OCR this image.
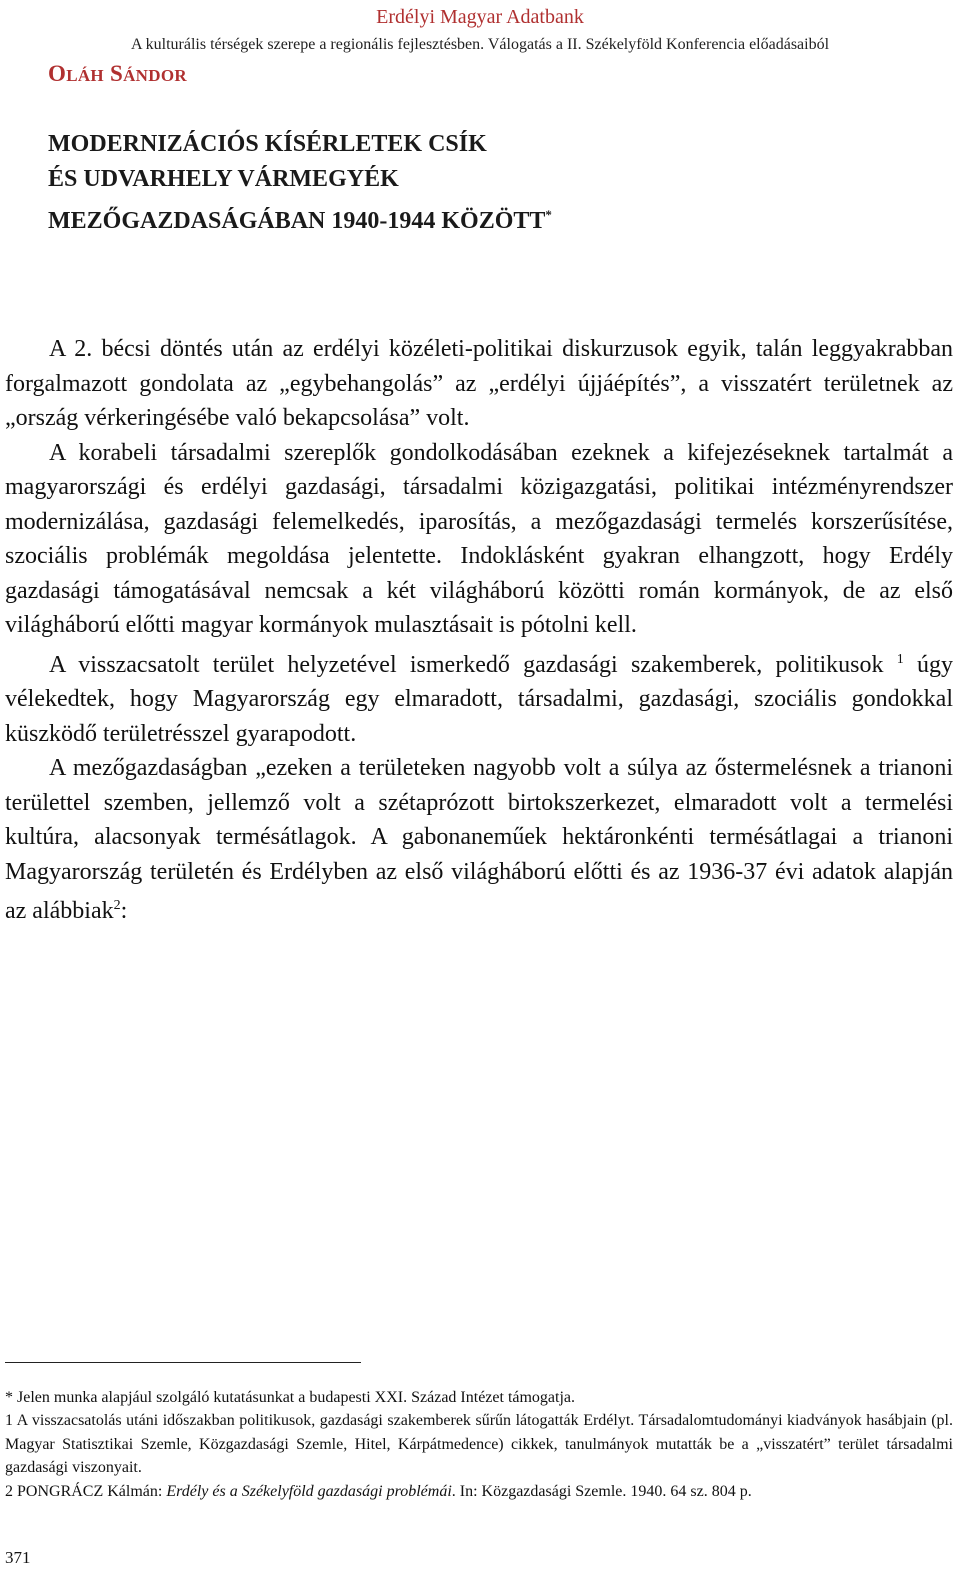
Erdélyi Magyar Adatbank
A kulturális térségek szerepe a regionális fejlesztésben. Válogatás a II. Székelyföld Konferencia előadásaiból
OLÁH SÁNDOR
MODERNIZÁCIÓS KÍSÉRLETEK CSÍK
ÉS UDVARHELY VÁRMEGYÉK
MEZŐGAZDASÁGÁBAN 1940-1944 KÖZÖTT*

A 2. bécsi döntés után az erdélyi közéleti-politikai diskurzusok egyik, talán leggyakrabban forgalmazott gondolata az „egybehangolás” az „erdélyi újjáépítés”, a visszatért területnek az „ország vérkeringésébe való bekapcsolása” volt.

A korabeli társadalmi szereplők gondolkodásában ezeknek a kifejezéseknek tartalmát a magyarországi és erdélyi gazdasági, társadalmi közigazgatási, politikai intézményrendszer modernizálása, gazdasági felemelkedés, iparosítás, a mezőgazdasági termelés korszerűsítése, szociális problémák megoldása jelentette. Indoklásként gyakran elhangzott, hogy Erdély gazdasági támogatásával nemcsak a két világháború közötti román kormányok, de az első világháború előtti magyar kormányok mulasztásait is pótolni kell.

A visszacsatolt terület helyzetével ismerkedő gazdasági szakemberek, politikusok $^1$ úgy vélekedtek, hogy Magyarország egy elmaradott, társadalmi, gazdasági, szociális gondokkal küszködő területrésszel gyarapodott.

A mezőgazdaságban „ezeken a területeken nagyobb volt a súlya az őstermelésnek a trianoni területtel szemben, jellemző volt a szétaprózott birtokszerkezet, elmaradott volt a termelési kultúra, alacsonyak termésátlagok. A gabonaneműek hektáronkénti termésátlagai a trianoni Magyarország területén és Erdélyben az első világháború előtti és az 1936-37 évi adatok alapján az alábbiak$^2$:

* Jelen munka alapjául szolgáló kutatásunkat a budapesti XXI. Század Intézet támogatja.

1 A visszacsatolás utáni időszakban politikusok, gazdasági szakemberek sűrűn látogatták Erdélyt. Társadalomtudományi kiadványok hasábjain (pl. Magyar Statisztikai Szemle, Közgazdasági Szemle, Hitel, Kárpátmedence) cikkek, tanulmányok mutatták be a „visszatért” terület társadalmi gazdasági viszonyait.

2 PONGRÁCZ Kálmán: Erdély és a Székelyföld gazdasági problémái. In: Közgazdasági Szemle. 1940. 64 sz. 804 p.

371
